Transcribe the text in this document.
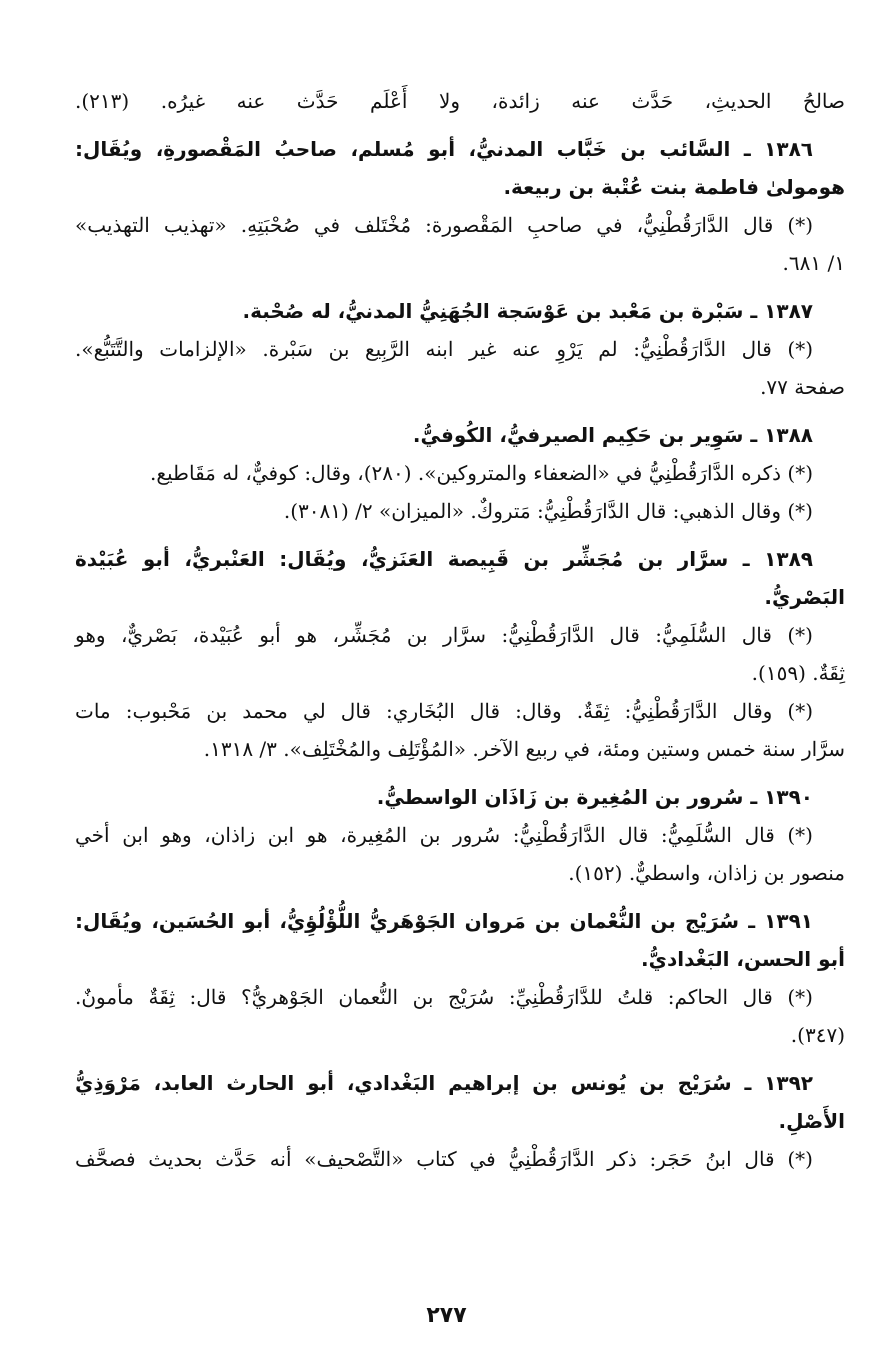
صالحُ الحديثِ، حَدَّث عنه زائدة، ولا أَعْلَم حَدَّث عنه غيرُه. (٢١٣).
١٣٨٦ ـ السَّائب بن خَبَّاب المدنيُّ، أبو مُسلم، صاحبُ المَقْصورةِ، ويُقَال:
هومولىٰ فاطمة بنت عُتْبة بن ربيعة.
(*) قال الدَّارَقُطْنِيُّ، في صاحبِ المَقْصورة: مُخْتَلف في صُحْبَتِهِ. «تهذيب التهذيب»
١/ ٦٨١.
١٣٨٧ ـ سَبْرة بن مَعْبد بن عَوْسَجة الجُهَنِيُّ المدنيُّ، له صُحْبة.
(*) قال الدَّارَقُطْنِيُّ: لم يَرْوِ عنه غير ابنه الرَّبِيع بن سَبْرة. «الإلزامات والتَّتَبُّع».
صفحة ٧٧.
١٣٨٨ ـ سَوِير بن حَكِيم الصيرفيُّ، الكُوفيُّ.
(*) ذكره الدَّارَقُطْنِيُّ في «الضعفاء والمتروكين». (٢٨٠)، وقال: كوفيٌّ، له مَقَاطيع.
(*) وقال الذهبي: قال الدَّارَقُطْنِيُّ: مَتروكٌ. «الميزان» ٢/ (٣٠٨١).
١٣٨٩ ـ سرَّار بن مُجَشِّر بن قَبِيصة العَنَزيُّ، ويُقَال: العَنْبريُّ، أبو عُبَيْدة
البَصْريُّ.
(*) قال السُّلَمِيُّ: قال الدَّارَقُطْنِيُّ: سرَّار بن مُجَشِّر، هو أبو عُبَيْدة، بَصْريٌّ، وهو
ثِقَةٌ. (١٥٩).
(*) وقال الدَّارَقُطْنِيُّ: ثِقَةٌ. وقال: قال البُخَاري: قال لي محمد بن مَحْبوب: مات
سرَّار سنة خمس وستين ومئة، في ربيع الآخر. «المُؤْتَلِف والمُخْتَلِف». ٣/ ١٣١٨.
١٣٩٠ ـ سُرور بن المُغِيرة بن زَاذَان الواسطيُّ.
(*) قال السُّلَمِيُّ: قال الدَّارَقُطْنِيُّ: سُرور بن المُغِيرة، هو ابن زاذان، وهو ابن أخي
منصور بن زاذان، واسطيٌّ. (١٥٢).
١٣٩١ ـ سُرَيْج بن النُّعْمان بن مَروان الجَوْهَريُّ اللُّؤْلُؤِيُّ، أبو الحُسَين، ويُقَال:
أبو الحسن، البَغْداديُّ.
(*) قال الحاكم: قلتُ للدَّارَقُطْنِيِّ: سُرَيْج بن النُّعمان الجَوْهريُّ؟ قال: ثِقَةٌ مأمونٌ.
(٣٤٧).
١٣٩٢ ـ سُرَيْج بن يُونس بن إبراهيم البَغْدادي، أبو الحارث العابد، مَرْوَذِيُّ
الأَصْلِ.
(*) قال ابنُ حَجَر: ذكر الدَّارَقُطْنِيُّ في كتاب «التَّصْحيف» أنه حَدَّث بحديث فصحَّف
٢٧٧
